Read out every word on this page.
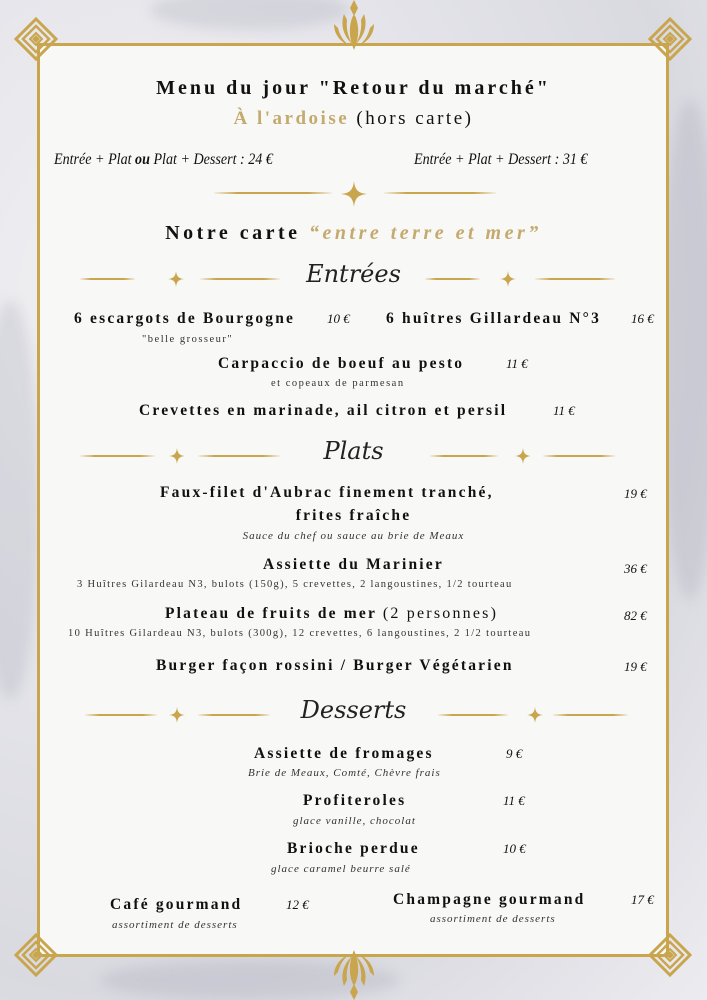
Menu du jour "Retour du marché"
À l'ardoise (hors carte)
Entrée + Plat ou Plat + Dessert : 24 €	Entrée + Plat + Dessert : 31 €
Notre carte “entre terre et mer”
Entrées
6 escargots de Bourgogne 10 €
"belle grosseur"
6 huîtres Gillardeau N°3 16 €
Carpaccio de boeuf au pesto	11 €
et copeaux de parmesan
Crevettes en marinade, ail citron et persil	11 €
Plats
Faux-filet d'Aubrac finement tranché,	19 €
frites fraîche
Sauce du chef ou sauce au brie de Meaux
Assiette du Marinier	36 €
3 Huîtres Gilardeau N3, bulots (150g), 5 crevettes, 2 langoustines, 1/2 tourteau
Plateau de fruits de mer (2 personnes)	82 €
10 Huîtres Gilardeau N3, bulots (300g), 12 crevettes, 6 langoustines, 2 1/2 tourteau
Burger façon rossini / Burger Végétarien	19 €
Desserts
Assiette de fromages	9 €
Brie de Meaux, Comté, Chèvre frais
Profiteroles	11 €
glace vanille, chocolat
Brioche perdue	10 €
glace caramel beurre salé
Café gourmand	12 €
assortiment de desserts
Champagne gourmand	17 €
assortiment de desserts
